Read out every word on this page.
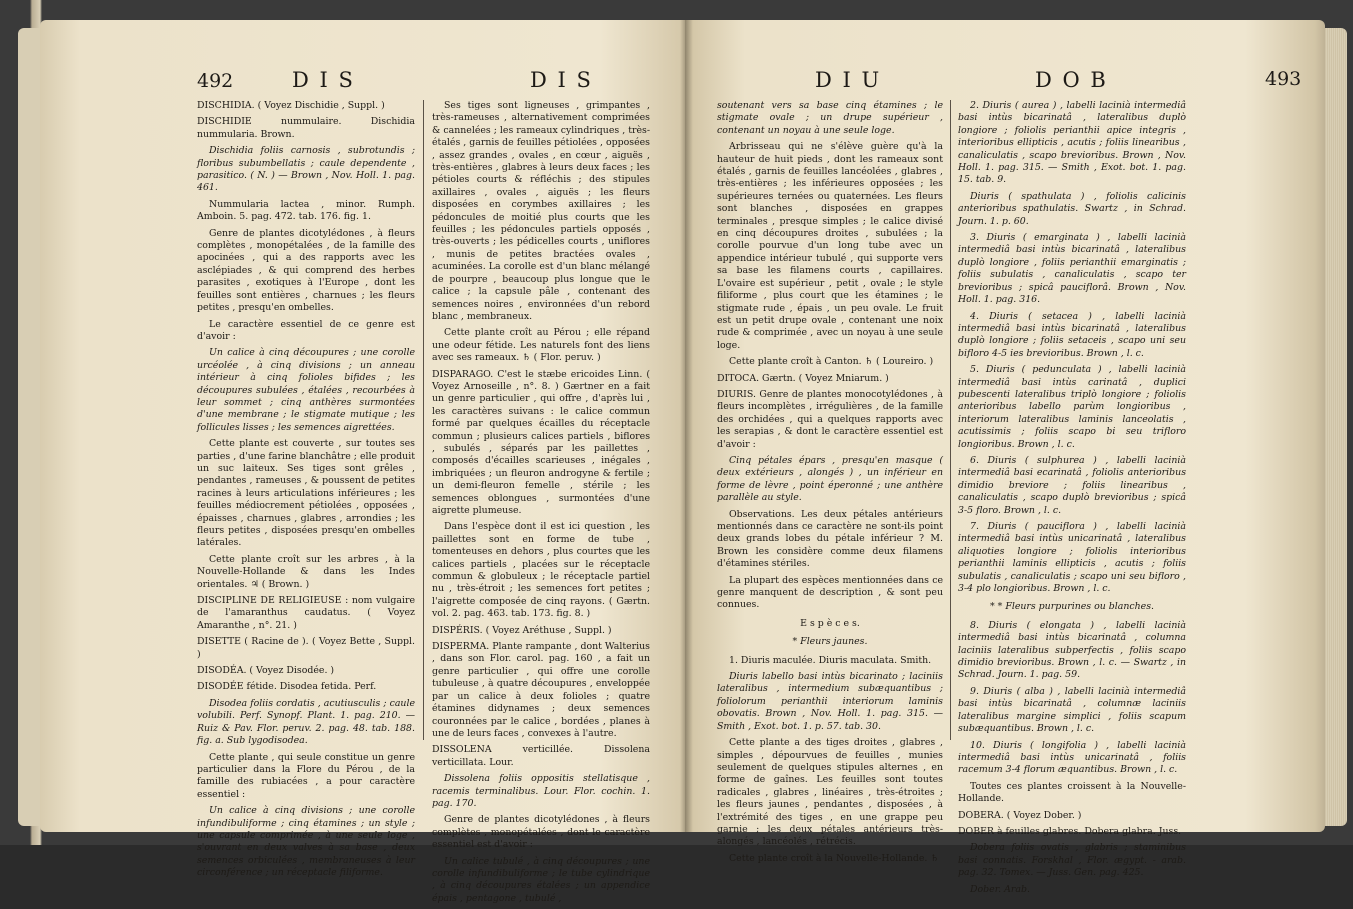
492	D I S	D I S

DISCHIDIA. ( Voyez Dischidie , Suppl. )

DISCHIDIE nummulaire. Dischidia nummularia. Brown.

Dischidia foliis carnosis , subrotundis ; floribus subumbellatis ; caule dependente , parasitico. ( N. ) — Brown , Nov. Holl. 1. pag. 461.

Nummularia lactea , minor. Rumph. Amboin. 5. pag. 472. tab. 176. fig. 1.

Genre de plantes dicotylédones , à fleurs complètes , monopétalées , de la famille des apocinées , qui a des rapports avec les asclépiades , & qui comprend des herbes parasites , exotiques à l'Europe , dont les feuilles sont entières , charnues ; les fleurs petites , presqu'en ombelles.

Le caractère essentiel de ce genre est d'avoir :

Un calice à cinq découpures ; une corolle urcéolée , à cinq divisions ; un anneau intérieur à cinq folioles bifides ; les découpures subulées , étalées , recourbées à leur sommet ; cinq anthères surmontées d'une membrane ; le stigmate mutique ; les follicules lisses ; les semences aigrettées.

Cette plante est couverte , sur toutes ses parties , d'une farine blanchâtre ; elle produit un suc laiteux. Ses tiges sont grêles , pendantes , rameuses , & poussent de petites racines à leurs articulations inférieures ; les feuilles médiocrement pétiolées , opposées , épaisses , charnues , glabres , arrondies ; les fleurs petites , disposées presqu'en ombelles latérales.

Cette plante croît sur les arbres , à la Nouvelle-Hollande & dans les Indes orientales. ♃ ( Brown. )

DISCIPLINE DE RELIGIEUSE : nom vulgaire de l'amaranthus caudatus. ( Voyez Amaranthe , n°. 21. )

DISETTE ( Racine de ). ( Voyez Bette , Suppl. )

DISODÉA. ( Voyez Disodée. )

DISODÉE fétide. Disodea fetida. Perf.

Disodea foliis cordatis , acutiusculis ; caule volubili. Perf. Synopf. Plant. 1. pag. 210. — Ruiz & Pav. Flor. peruv. 2. pag. 48. tab. 188. fig. a. Sub lygodisodea.

Cette plante , qui seule constitue un genre particulier dans la Flore du Pérou , de la famille des rubiacées , a pour caractère essentiel :

Un calice à cinq divisions ; une corolle infundibuliforme ; cinq étamines ; un style ; une capsule comprimée , à une seule loge , s'ouvrant en deux valves à sa base , deux semences orbiculées , membraneuses à leur circonférence ; un réceptacle filiforme.

Ses tiges sont ligneuses , grimpantes , très-rameuses , alternativement comprimées & cannelées ; les rameaux cylindriques , très-étalés , garnis de feuilles pétiolées , opposées , assez grandes , ovales , en cœur , aiguës , très-entières , glabres à leurs deux faces ; les pétioles courts & réfléchis ; des stipules axillaires , ovales , aiguës ; les fleurs disposées en corymbes axillaires ; les pédoncules de moitié plus courts que les feuilles ; les pédoncules partiels opposés , très-ouverts ; les pédicelles courts , uniflores , munis de petites bractées ovales , acuminées. La corolle est d'un blanc mélangé de pourpre , beaucoup plus longue que le calice ; la capsule pâle , contenant des semences noires , environnées d'un rebord blanc , membraneux.

Cette plante croît au Pérou ; elle répand une odeur fétide. Les naturels font des liens avec ses rameaux. ♄ ( Flor. peruv. )

DISPARAGO. C'est le stæbe ericoides Linn. ( Voyez Arnoseille , n°. 8. ) Gærtner en a fait un genre particulier , qui offre , d'après lui , les caractères suivans : le calice commun formé par quelques écailles du réceptacle commun ; plusieurs calices partiels , biflores , subulés , séparés par les paillettes , composés d'écailles scarieuses , inégales , imbriquées ; un fleuron androgyne & fertile ; un demi-fleuron femelle , stérile ; les semences oblongues , surmontées d'une aigrette plumeuse.

Dans l'espèce dont il est ici question , les paillettes sont en forme de tube , tomenteuses en dehors , plus courtes que les calices partiels , placées sur le réceptacle commun & globuleux ; le réceptacle partiel nu , très-étroit ; les semences fort petites ; l'aigrette composée de cinq rayons. ( Gærtn. vol. 2. pag. 463. tab. 173. fig. 8. )

DISPÉRIS. ( Voyez Aréthuse , Suppl. )

DISPERMA. Plante rampante , dont Walterius , dans son Flor. carol. pag. 160 , a fait un genre particulier , qui offre une corolle tubuleuse , à quatre découpures , enveloppée par un calice à deux folioles ; quatre étamines didynames ; deux semences couronnées par le calice , bordées , planes à une de leurs faces , convexes à l'autre.

DISSOLENA verticillée. Dissolena verticillata. Lour.

Dissolena foliis oppositis stellatisque , racemis terminalibus. Lour. Flor. cochin. 1. pag. 170.

Genre de plantes dicotylédones , à fleurs complètes , monopétalées , dont le caractère essentiel est d'avoir :

Un calice tubulé , à cinq découpures ; une corolle infundibuliforme ; le tube cylindrique , à cinq découpures étalées ; un appendice épais , pentagone , tubulé ,

D I U	D O B	493

soutenant vers sa base cinq étamines ; le stigmate ovale ; un drupe supérieur , contenant un noyau à une seule loge.

Arbrisseau qui ne s'élève guère qu'à la hauteur de huit pieds , dont les rameaux sont étalés , garnis de feuilles lancéolées , glabres , très-entières ; les inférieures opposées ; les supérieures ternées ou quaternées. Les fleurs sont blanches , disposées en grappes terminales , presque simples ; le calice divisé en cinq découpures droites , subulées ; la corolle pourvue d'un long tube avec un appendice intérieur tubulé , qui supporte vers sa base les filamens courts , capillaires. L'ovaire est supérieur , petit , ovale ; le style filiforme , plus court que les étamines ; le stigmate rude , épais , un peu ovale. Le fruit est un petit drupe ovale , contenant une noix rude & comprimée , avec un noyau à une seule loge.

Cette plante croît à Canton. ♄ ( Loureiro. )

DITOCA. Gærtn. ( Voyez Mniarum. )

DIURIS. Genre de plantes monocotylédones , à fleurs incomplètes , irrégulières , de la famille des orchidées , qui a quelques rapports avec les serapias , & dont le caractère essentiel est d'avoir :

Cinq pétales épars , presqu'en masque ( deux extérieurs , alongés ) , un inférieur en forme de lèvre , point éperonné ; une anthère parallèle au style.

Observations. Les deux pétales antérieurs mentionnés dans ce caractère ne sont-ils point deux grands lobes du pétale inférieur ? M. Brown les considère comme deux filamens d'étamines stériles.

La plupart des espèces mentionnées dans ce genre manquent de description , & sont peu connues.

E s p è c e s.

* Fleurs jaunes.

1. Diuris maculée. Diuris maculata. Smith.

Diuris labello basi intùs bicarinato ; laciniis lateralibus , intermedium subæquantibus ; foliolorum perianthii interiorum laminis obovatis. Brown , Nov. Holl. 1. pag. 315. — Smith , Exot. bot. 1. p. 57. tab. 30.

Cette plante a des tiges droites , glabres , simples , dépourvues de feuilles , munies seulement de quelques stipules alternes , en forme de gaînes. Les feuilles sont toutes radicales , glabres , linéaires , très-étroites ; les fleurs jaunes , pendantes , disposées , à l'extrémité des tiges , en une grappe peu garnie ; les deux pétales antérieurs très-alongés , lancéolés , rétrécis.

Cette plante croît à la Nouvelle-Hollande. ♄

2. Diuris ( aurea ) , labelli lacinià intermediâ basi intùs bicarinatâ , lateralibus duplò longiore ; foliolis perianthii apice integris , interioribus ellipticis , acutis ; foliis linearibus , canaliculatis , scapo brevioribus. Brown , Nov. Holl. 1. pag. 315. — Smith , Exot. bot. 1. pag. 15. tab. 9.

Diuris ( spathulata ) , foliolis calicinis anterioribus spathulatis. Swartz , in Schrad. Journ. 1. p. 60.

3. Diuris ( emarginata ) , labelli lacinià intermediâ basi intùs bicarinatâ , lateralibus duplò longiore , foliis perianthii emarginatis ; foliis subulatis , canaliculatis , scapo ter brevioribus ; spicâ pauciflorâ. Brown , Nov. Holl. 1. pag. 316.

4. Diuris ( setacea ) , labelli lacinià intermediâ basi intùs bicarinatâ , lateralibus duplò longiore ; foliis setaceis , scapo uni seu bifloro 4-5 ies brevioribus. Brown , l. c.

5. Diuris ( pedunculata ) , labelli lacinià intermediâ basi intùs carinatâ , duplici pubescenti lateralibus triplò longiore ; foliolis anterioribus labello parùm longioribus , interiorum lateralibus laminis lanceolatis , acutissimis ; foliis scapo bi seu trifloro longioribus. Brown , l. c.

6. Diuris ( sulphurea ) , labelli lacinià intermediâ basi ecarinatâ , foliolis anterioribus dimidio breviore ; foliis linearibus , canaliculatis , scapo duplò brevioribus ; spicâ 3-5 floro. Brown , l. c.

7. Diuris ( pauciflora ) , labelli lacinià intermediâ basi intùs unicarinatâ , lateralibus aliquoties longiore ; foliolis interioribus perianthii laminis ellipticis , acutis ; foliis subulatis , canaliculatis ; scapo uni seu bifloro , 3-4 plo longioribus. Brown , l. c.

* * Fleurs purpurines ou blanches.

8. Diuris ( elongata ) , labelli lacinià intermediâ basi intùs bicarinatâ , columna laciniis lateralibus subperfectis , foliis scapo dimidio brevioribus. Brown , l. c. — Swartz , in Schrad. Journ. 1. pag. 59.

9. Diuris ( alba ) , labelli lacinià intermediâ basi intùs bicarinatâ , columnæ laciniis lateralibus margine simplici , foliis scapum subæquantibus. Brown , l. c.

10. Diuris ( longifolia ) , labelli lacinià intermediâ basi intùs unicarinatâ , foliis racemum 3-4 florum æquantibus. Brown , l. c.

Toutes ces plantes croissent à la Nouvelle-Hollande.

DOBERA. ( Voyez Dober. )

DOBER à feuilles glabres. Dobera glabra. Juss.

Dobera foliis ovatis , glabris ; staminibus basi connatis. Forskhal , Flor. ægypt. - arab. pag. 32. Tomex. — Juss. Gen. pag. 425.

Dober. Arab.
